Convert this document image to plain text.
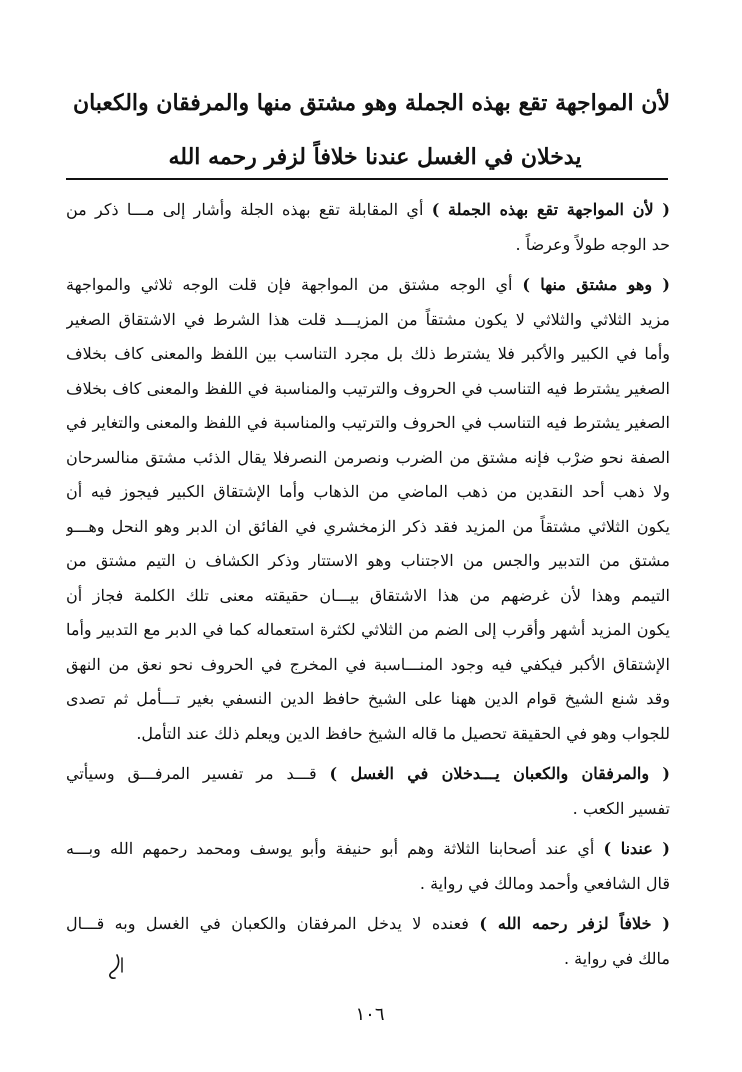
لأن المواجهة تقع بهذه الجملة وهو مشتق منها والمرفقان والكعبان
يدخلان في الغسل عندنا خلافاً لزفر رحمه الله
( لأن المواجهة تقع بهذه الجملة ) أي المقابلة تقع بهذه الجلة وأشار إلى مـــا ذكر من
حد الوجه طولاً وعرضاً .
( وهو مشتق منها ) أي الوجه مشتق من المواجهة فإن قلت الوجه ثلاثي والمواجهة
مزيد الثلاثي والثلاثي لا يكون مشتقاً من المزيـــد قلت هذا الشرط في الاشتقاق الصغير
وأما في الكبير والأكبر فلا يشترط ذلك بل مجرد التناسب بين اللفظ والمعنى كاف بخلاف
الصغير يشترط فيه التناسب في الحروف والترتيب والمناسبة في اللفظ والمعنى كاف بخلاف
الصغير يشترط فيه التناسب في الحروف والترتيب والمناسبة في اللفظ والمعنى والتغاير في
الصفة نحو ضرْب فإنه مشتق من الضرب ونصرمن النصرفلا يقال الذئب مشتق منالسرحان
ولا ذهب أحد النقدين من ذهب الماضي من الذهاب وأما الإشتقاق الكبير فيجوز فيه أن
يكون الثلاثي مشتقاً من المزيد فقد ذكر الزمخشري في الفائق ان الدبر وهو النحل وهـــو
مشتق من التدبير والجس من الاجتناب وهو الاستتار وذكر الكشاف ن التيم مشتق من
التيمم وهذا لأن غرضهم من هذا الاشتقاق بيـــان حقيقته معنى تلك الكلمة فجاز أن
يكون المزيد أشهر وأقرب إلى الضم من الثلاثي لكثرة استعماله كما في الدبر مع التدبير وأما
الإشتقاق الأكبر فيكفي فيه وجود المنـــاسبة في المخرج في الحروف نحو نعق من النهق
وقد شنع الشيخ قوام الدين ههنا على الشيخ حافظ الدين النسفي بغير تـــأمل ثم تصدى
للجواب وهو في الحقيقة تحصيل ما قاله الشيخ حافظ الدين ويعلم ذلك عند التأمل.
( والمرفقان والكعبان يـــدخلان في الغسل ) قـــد مر تفسير المرفـــق وسيأتي
تفسير الكعب .
( عندنا ) أي عند أصحابنا الثلاثة وهم أبو حنيفة وأبو يوسف ومحمد رحمهم الله وبـــه
قال الشافعي وأحمد ومالك في رواية .
( خلافاً لزفر رحمه الله ) فعنده لا يدخل المرفقان والكعبان في الغسل وبه قـــال
مالك في رواية .
١٠٦
